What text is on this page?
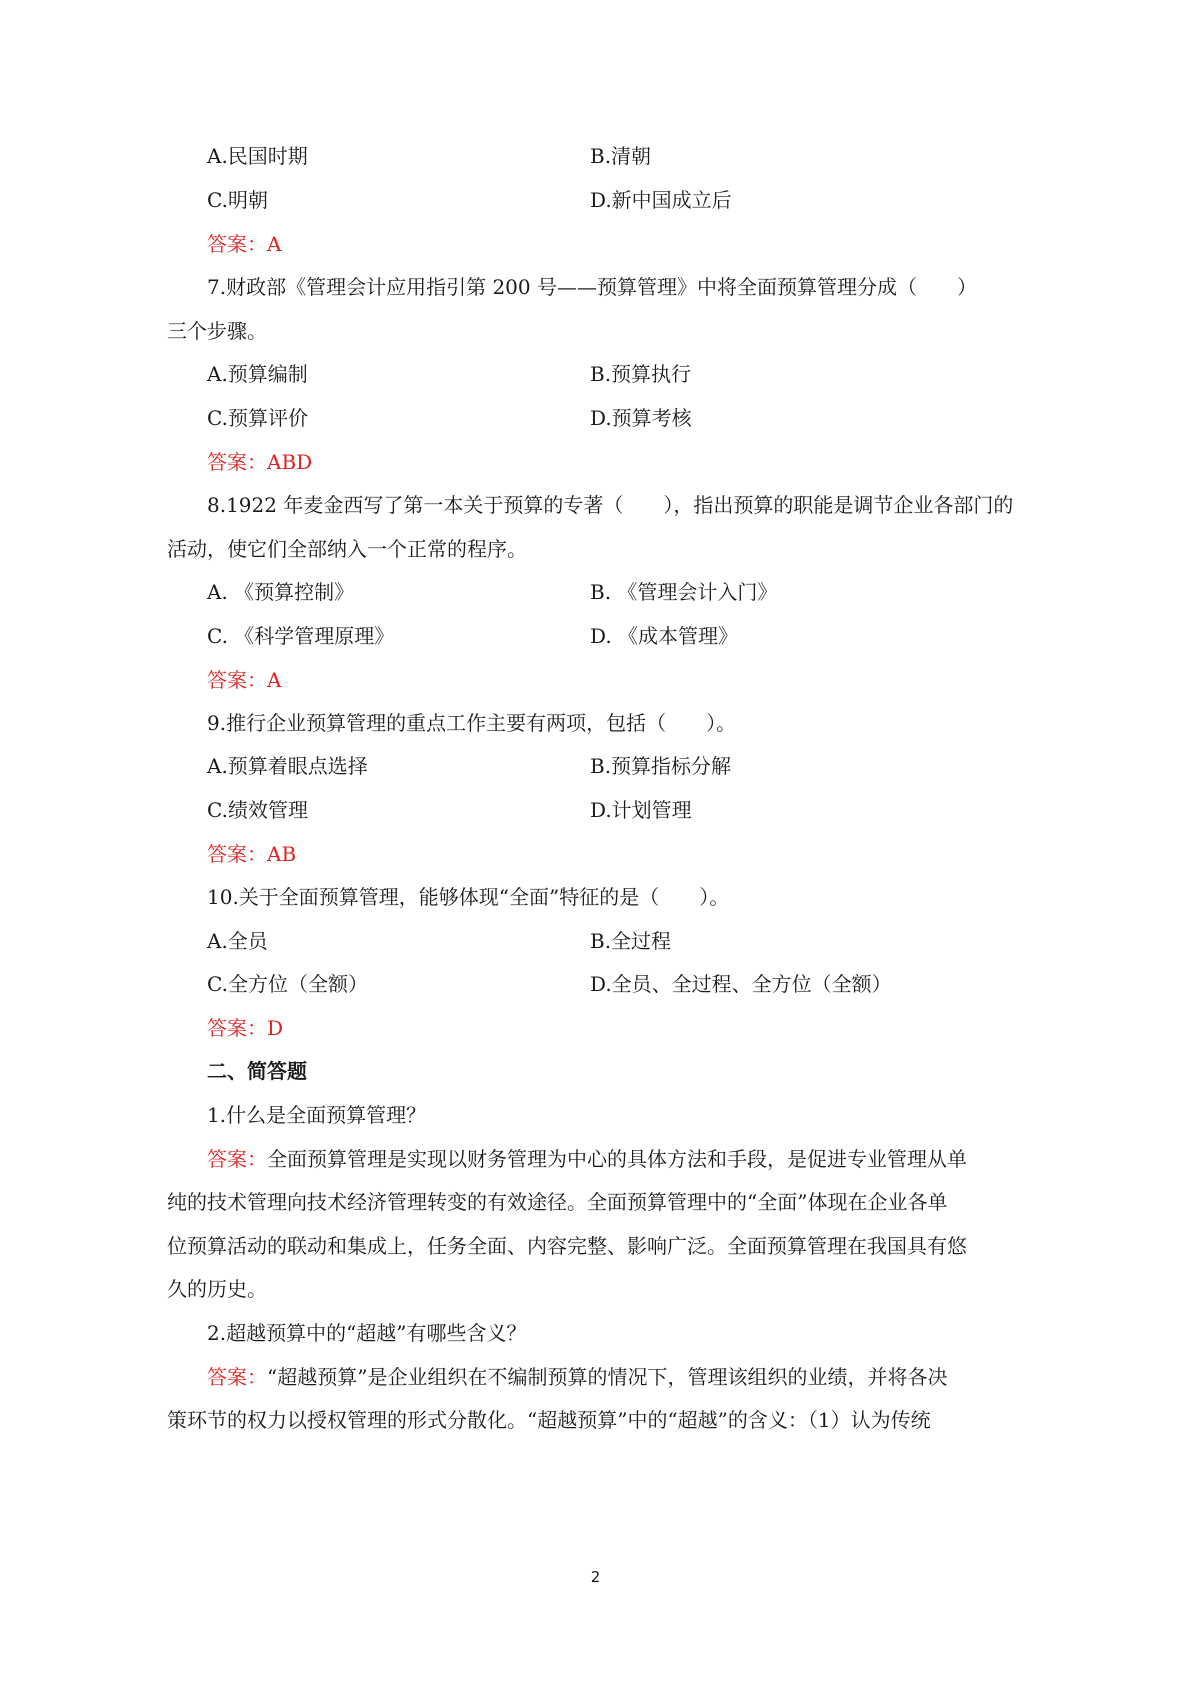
A.民国时期	B.清朝
C.明朝	D.新中国成立后
答案：A
7.财政部《管理会计应用指引第 200 号——预算管理》中将全面预算管理分成（　　）
三个步骤。
A.预算编制	B.预算执行
C.预算评价	D.预算考核
答案：ABD
8.1922 年麦金西写了第一本关于预算的专著（　　），指出预算的职能是调节企业各部门的
活动，使它们全部纳入一个正常的程序。
A. 《预算控制》	B. 《管理会计入门》
C. 《科学管理原理》	D. 《成本管理》
答案：A
9.推行企业预算管理的重点工作主要有两项，包括（　　）。
A.预算着眼点选择	B.预算指标分解
C.绩效管理	D.计划管理
答案：AB
10.关于全面预算管理，能够体现“全面”特征的是（　　）。
A.全员	B.全过程
C.全方位（全额）	D.全员、全过程、全方位（全额）
答案：D
二、简答题
1.什么是全面预算管理？
答案：全面预算管理是实现以财务管理为中心的具体方法和手段，是促进专业管理从单
纯的技术管理向技术经济管理转变的有效途径。全面预算管理中的“全面”体现在企业各单
位预算活动的联动和集成上，任务全面、内容完整、影响广泛。全面预算管理在我国具有悠
久的历史。
2.超越预算中的“超越”有哪些含义？
答案：“超越预算”是企业组织在不编制预算的情况下，管理该组织的业绩，并将各决
策环节的权力以授权管理的形式分散化。“超越预算”中的“超越”的含义：（1）认为传统
2
